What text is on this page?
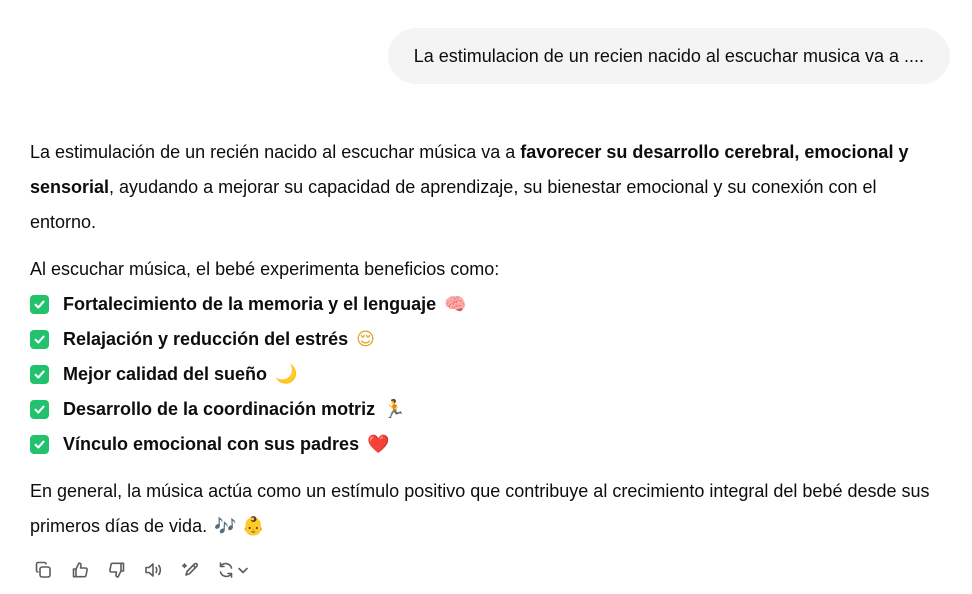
La estimulacion de un recien nacido al escuchar musica va a ....

La estimulación de un recién nacido al escuchar música va a favorecer su desarrollo cerebral, emocional y sensorial, ayudando a mejorar su capacidad de aprendizaje, su bienestar emocional y su conexión con el entorno.

Al escuchar música, el bebé experimenta beneficios como:

Fortalecimiento de la memoria y el lenguaje 🧠
Relajación y reducción del estrés 😌
Mejor calidad del sueño 🌙
Desarrollo de la coordinación motriz 🏃
Vínculo emocional con sus padres ❤️

En general, la música actúa como un estímulo positivo que contribuye al crecimiento integral del bebé desde sus primeros días de vida. 🎶 👶
